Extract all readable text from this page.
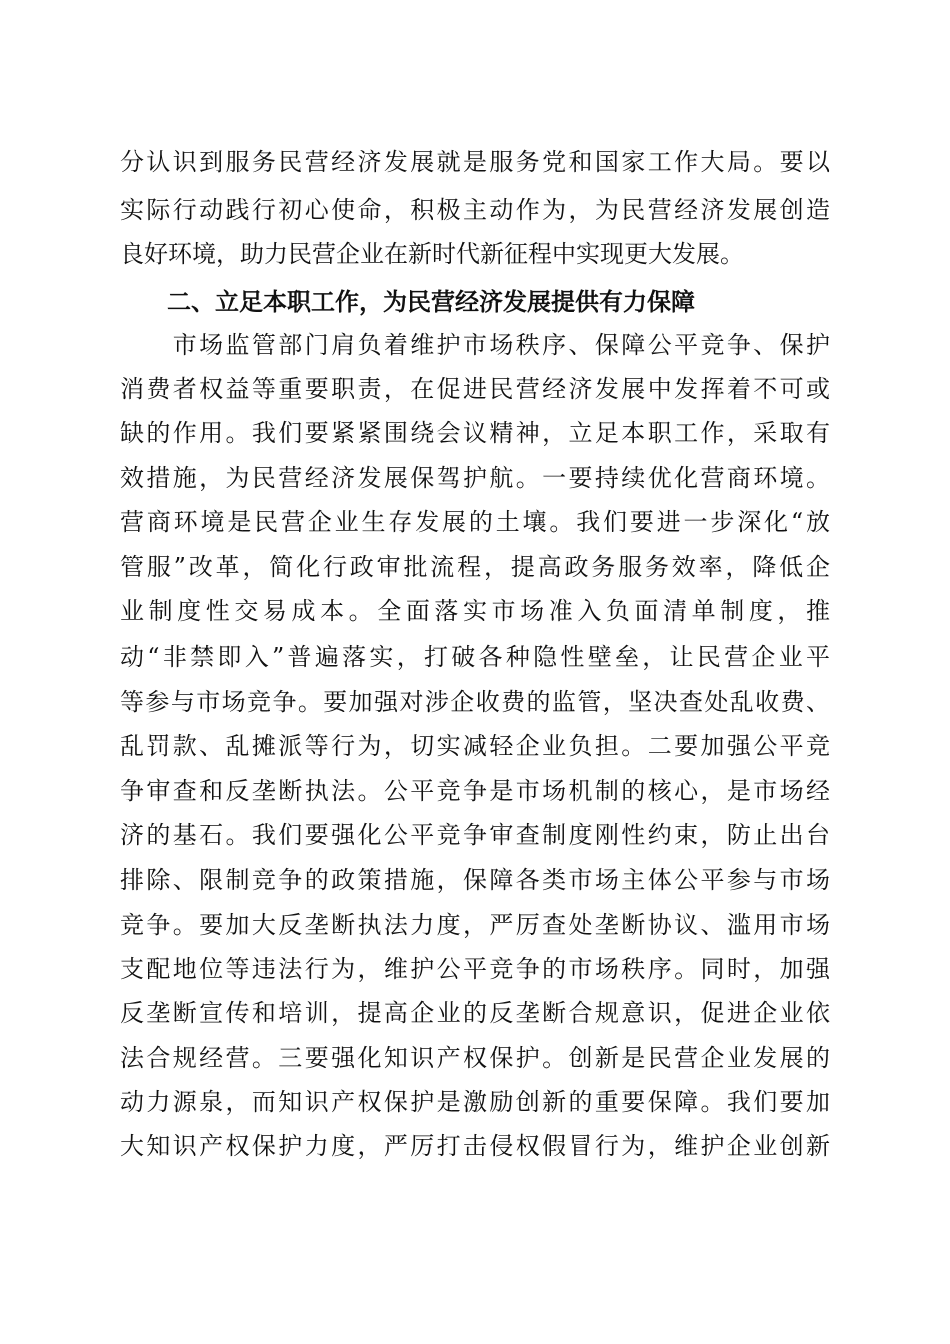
分认识到服务民营经济发展就是服务党和国家工作大局。要以
实际行动践行初心使命，积极主动作为，为民营经济发展创造
良好环境，助力民营企业在新时代新征程中实现更大发展。
二、立足本职工作，为民营经济发展提供有力保障
　　市场监管部门肩负着维护市场秩序、保障公平竞争、保护
消费者权益等重要职责，在促进民营经济发展中发挥着不可或
缺的作用。我们要紧紧围绕会议精神，立足本职工作，采取有
效措施，为民营经济发展保驾护航。一要持续优化营商环境。
营商环境是民营企业生存发展的土壤。我们要进一步深化“放
管服”改革，简化行政审批流程，提高政务服务效率，降低企
业制度性交易成本。全面落实市场准入负面清单制度，推
动“非禁即入”普遍落实，打破各种隐性壁垒，让民营企业平
等参与市场竞争。要加强对涉企收费的监管，坚决查处乱收费、
乱罚款、乱摊派等行为，切实减轻企业负担。二要加强公平竞
争审查和反垄断执法。公平竞争是市场机制的核心，是市场经
济的基石。我们要强化公平竞争审查制度刚性约束，防止出台
排除、限制竞争的政策措施，保障各类市场主体公平参与市场
竞争。要加大反垄断执法力度，严厉查处垄断协议、滥用市场
支配地位等违法行为，维护公平竞争的市场秩序。同时，加强
反垄断宣传和培训，提高企业的反垄断合规意识，促进企业依
法合规经营。三要强化知识产权保护。创新是民营企业发展的
动力源泉，而知识产权保护是激励创新的重要保障。我们要加
大知识产权保护力度，严厉打击侵权假冒行为，维护企业创新
